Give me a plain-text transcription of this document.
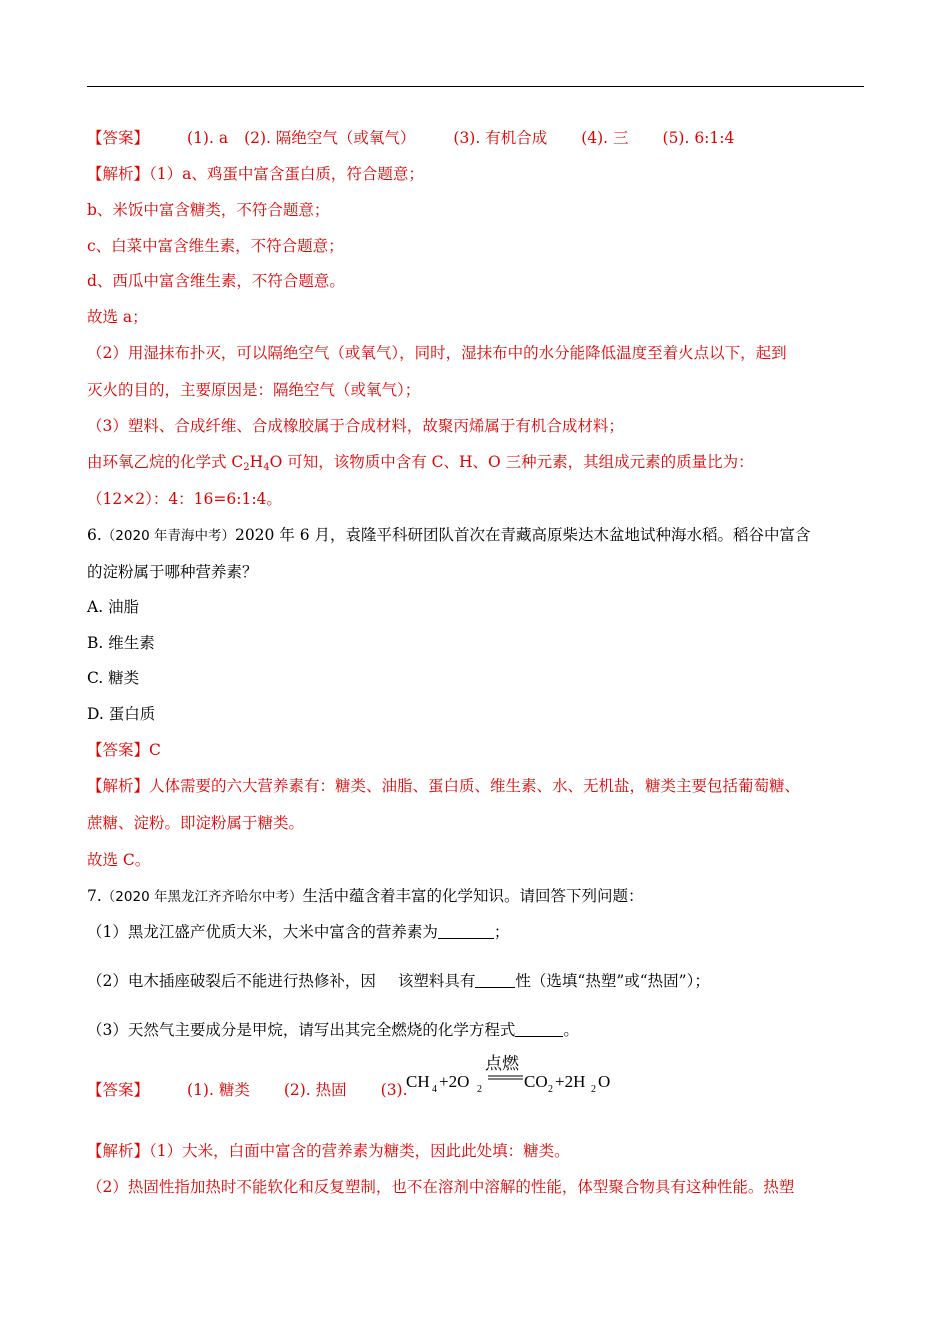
【答案】 (1). a (2). 隔绝空气（或氧气） (3). 有机合成 (4). 三 (5). 6:1:4
【解析】（1）a、鸡蛋中富含蛋白质，符合题意；
b、米饭中富含糖类，不符合题意；
c、白菜中富含维生素，不符合题意；
d、西瓜中富含维生素，不符合题意。
故选 a；
（2）用湿抹布扑灭，可以隔绝空气（或氧气），同时，湿抹布中的水分能降低温度至着火点以下，起到
灭火的目的，主要原因是：隔绝空气（或氧气）；
（3）塑料、合成纤维、合成橡胶属于合成材料，故聚丙烯属于有机合成材料；
由环氧乙烷的化学式 $C_2H_4O$ 可知，该物质中含有 C、H、O 三种元素，其组成元素的质量比为：
（12×2）：4：16=6:1:4。
6.（2020 年青海中考）2020 年 6 月，袁隆平科研团队首次在青藏高原柴达木盆地试种海水稻。稻谷中富含
的淀粉属于哪种营养素？
A. 油脂
B. 维生素
C. 糖类
D. 蛋白质
【答案】C
【解析】人体需要的六大营养素有：糖类、油脂、蛋白质、维生素、水、无机盐，糖类主要包括葡萄糖、
蔗糖、淀粉。即淀粉属于糖类。
故选 C。
7.（2020 年黑龙江齐齐哈尔中考）生活中蕴含着丰富的化学知识。请回答下列问题：
（1）黑龙江盛产优质大米，大米中富含的营养素为	；
（2）电木插座破裂后不能进行热修补，因 该塑料具有	性（选填“热塑”或“热固”）；
（3）天然气主要成分是甲烷，请写出其完全燃烧的化学方程式	。
【答案】 (1). 糖类 (2). 热固 (3).
点燃
CH 4 +2O 2 CO 2 +2H 2 O
【解析】（1）大米，白面中富含的营养素为糖类，因此此处填：糖类。
（2）热固性指加热时不能软化和反复塑制，也不在溶剂中溶解的性能，体型聚合物具有这种性能。热塑
